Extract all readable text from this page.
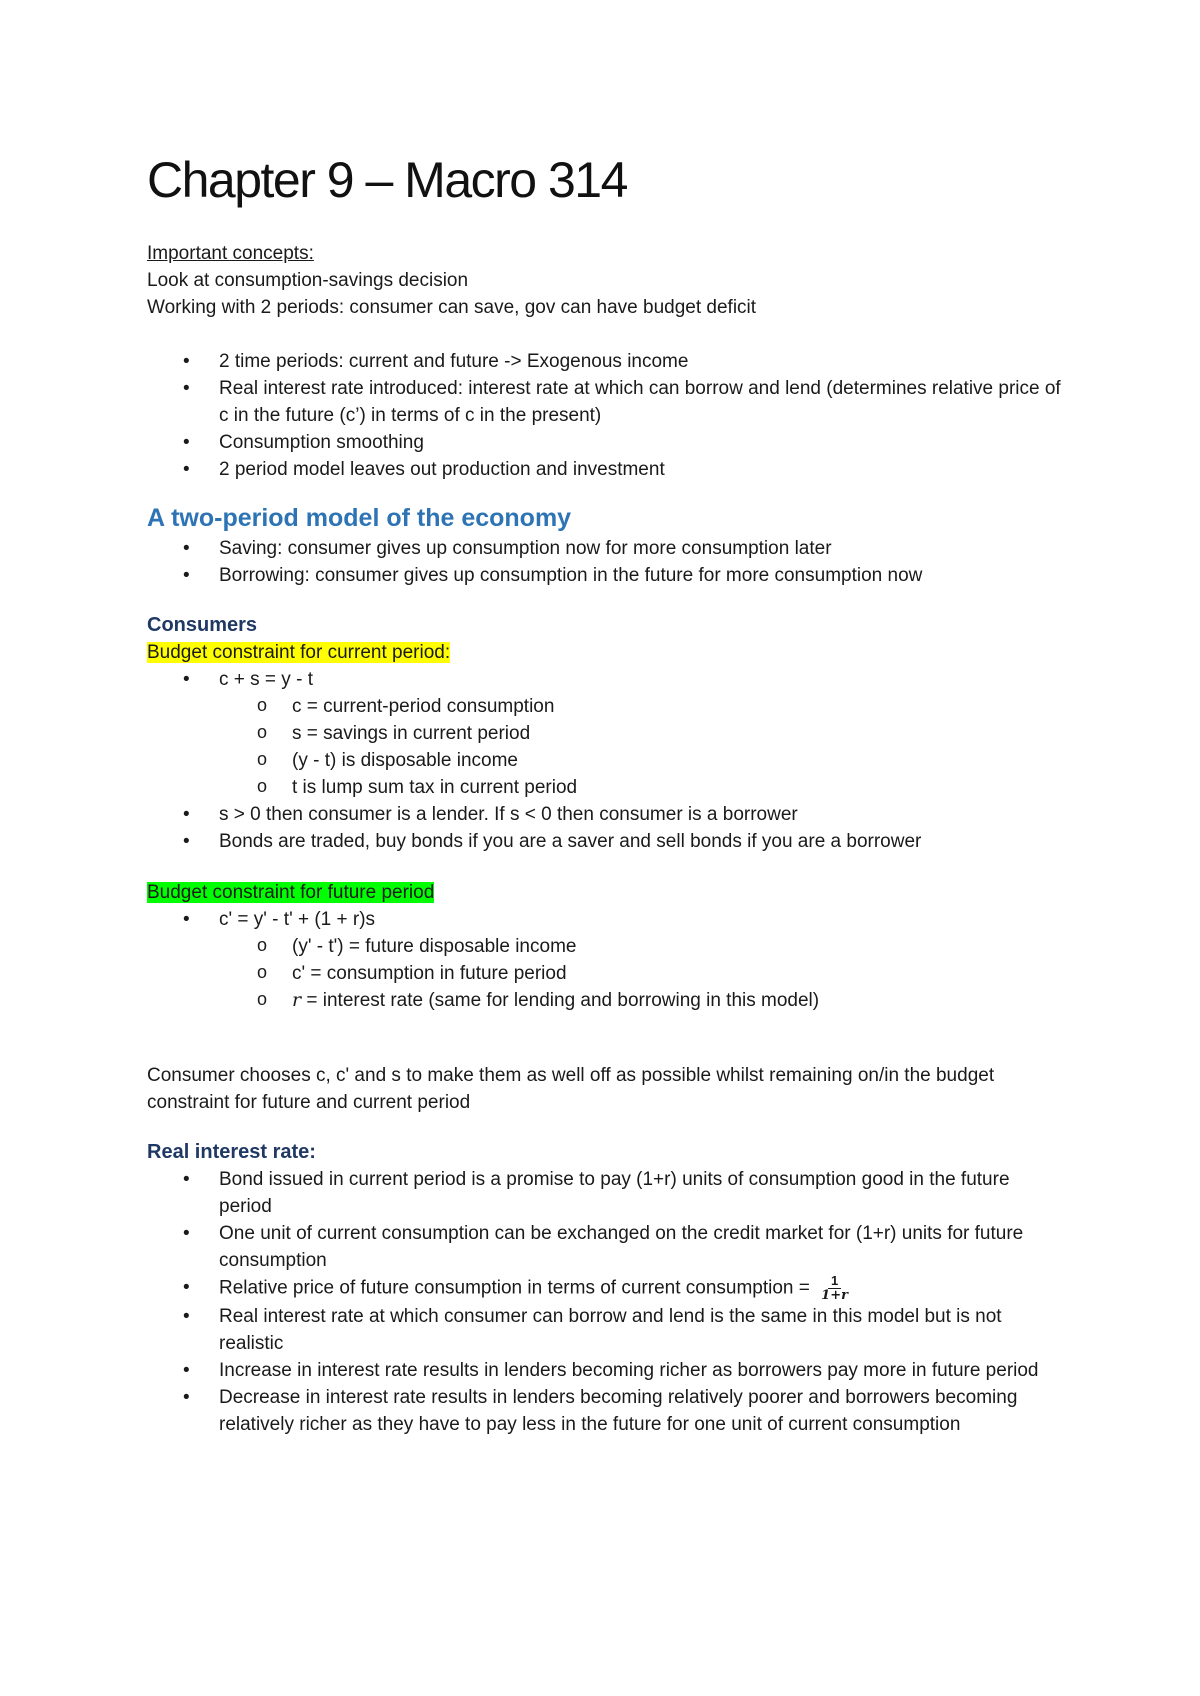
Chapter 9 – Macro 314

Important concepts:

Look at consumption-savings decision

Working with 2 periods: consumer can save, gov can have budget deficit

• 2 time periods: current and future -> Exogenous income
• Real interest rate introduced: interest rate at which can borrow and lend (determines relative price of c in the future (c’) in terms of c in the present)
• Consumption smoothing
• 2 period model leaves out production and investment
A two-period model of the economy
• Saving: consumer gives up consumption now for more consumption later
• Borrowing: consumer gives up consumption in the future for more consumption now
Consumers

Budget constraint for current period:

• c + s = y - t
o c = current-period consumption
o s = savings in current period
o (y - t) is disposable income
o t is lump sum tax in current period
• s > 0 then consumer is a lender. If s < 0 then consumer is a borrower
• Bonds are traded, buy bonds if you are a saver and sell bonds if you are a borrower

Budget constraint for future period

• c' = y' - t' + (1 + r)s
o (y' - t') = future disposable income
o c' = consumption in future period
o r = interest rate (same for lending and borrowing in this model)

Consumer chooses c, c' and s to make them as well off as possible whilst remaining on/in the budget constraint for future and current period

Real interest rate:
• Bond issued in current period is a promise to pay (1+r) units of consumption good in the future period
• One unit of current consumption can be exchanged on the credit market for (1+r) units for future consumption
• Relative price of future consumption in terms of current consumption = $\frac{1}{1+r}$
• Real interest rate at which consumer can borrow and lend is the same in this model but is not realistic
• Increase in interest rate results in lenders becoming richer as borrowers pay more in future period
• Decrease in interest rate results in lenders becoming relatively poorer and borrowers becoming relatively richer as they have to pay less in the future for one unit of current consumption
